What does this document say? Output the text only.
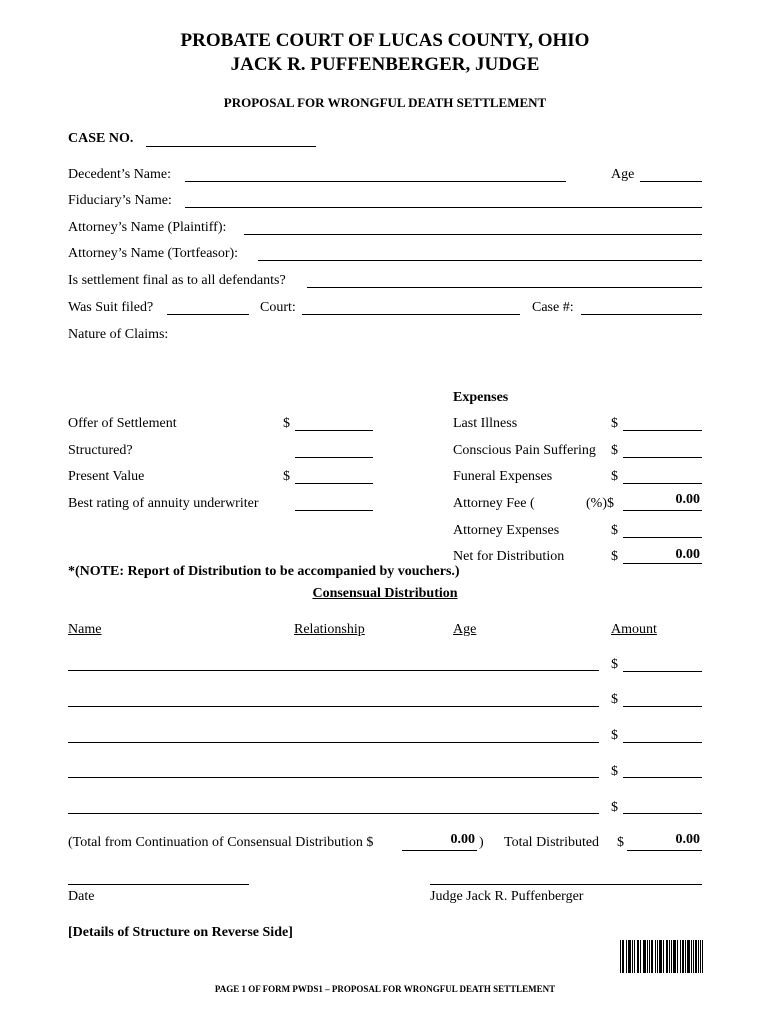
PROBATE COURT OF LUCAS COUNTY, OHIO
JACK R. PUFFENBERGER, JUDGE
PROPOSAL FOR WRONGFUL DEATH SETTLEMENT
CASE NO.
Decedent’s Name:	Age
Fiduciary’s Name:
Attorney’s Name (Plaintiff):
Attorney’s Name (Tortfeasor):
Is settlement final as to all defendants?
Was Suit filed?	Court:	Case #:
Nature of Claims:
Expenses
Offer of Settlement	$
Structured?
Present Value	$
Best rating of annuity underwriter
Last Illness	$
Conscious Pain Suffering $
Funeral Expenses	$
Attorney Fee (	(%)$	0.00
Attorney Expenses	$
Net for Distribution	$	0.00
*(NOTE: Report of Distribution to be accompanied by vouchers.)
Consensual Distribution
Name	Relationship	Age	Amount
$
$
$
$
$
(Total from Continuation of Consensual Distribution $	0.00 ) Total Distributed $	0.00
Date	Judge Jack R. Puffenberger
[Details of Structure on Reverse Side]
PAGE 1 OF FORM PWDS1 – PROPOSAL FOR WRONGFUL DEATH SETTLEMENT
